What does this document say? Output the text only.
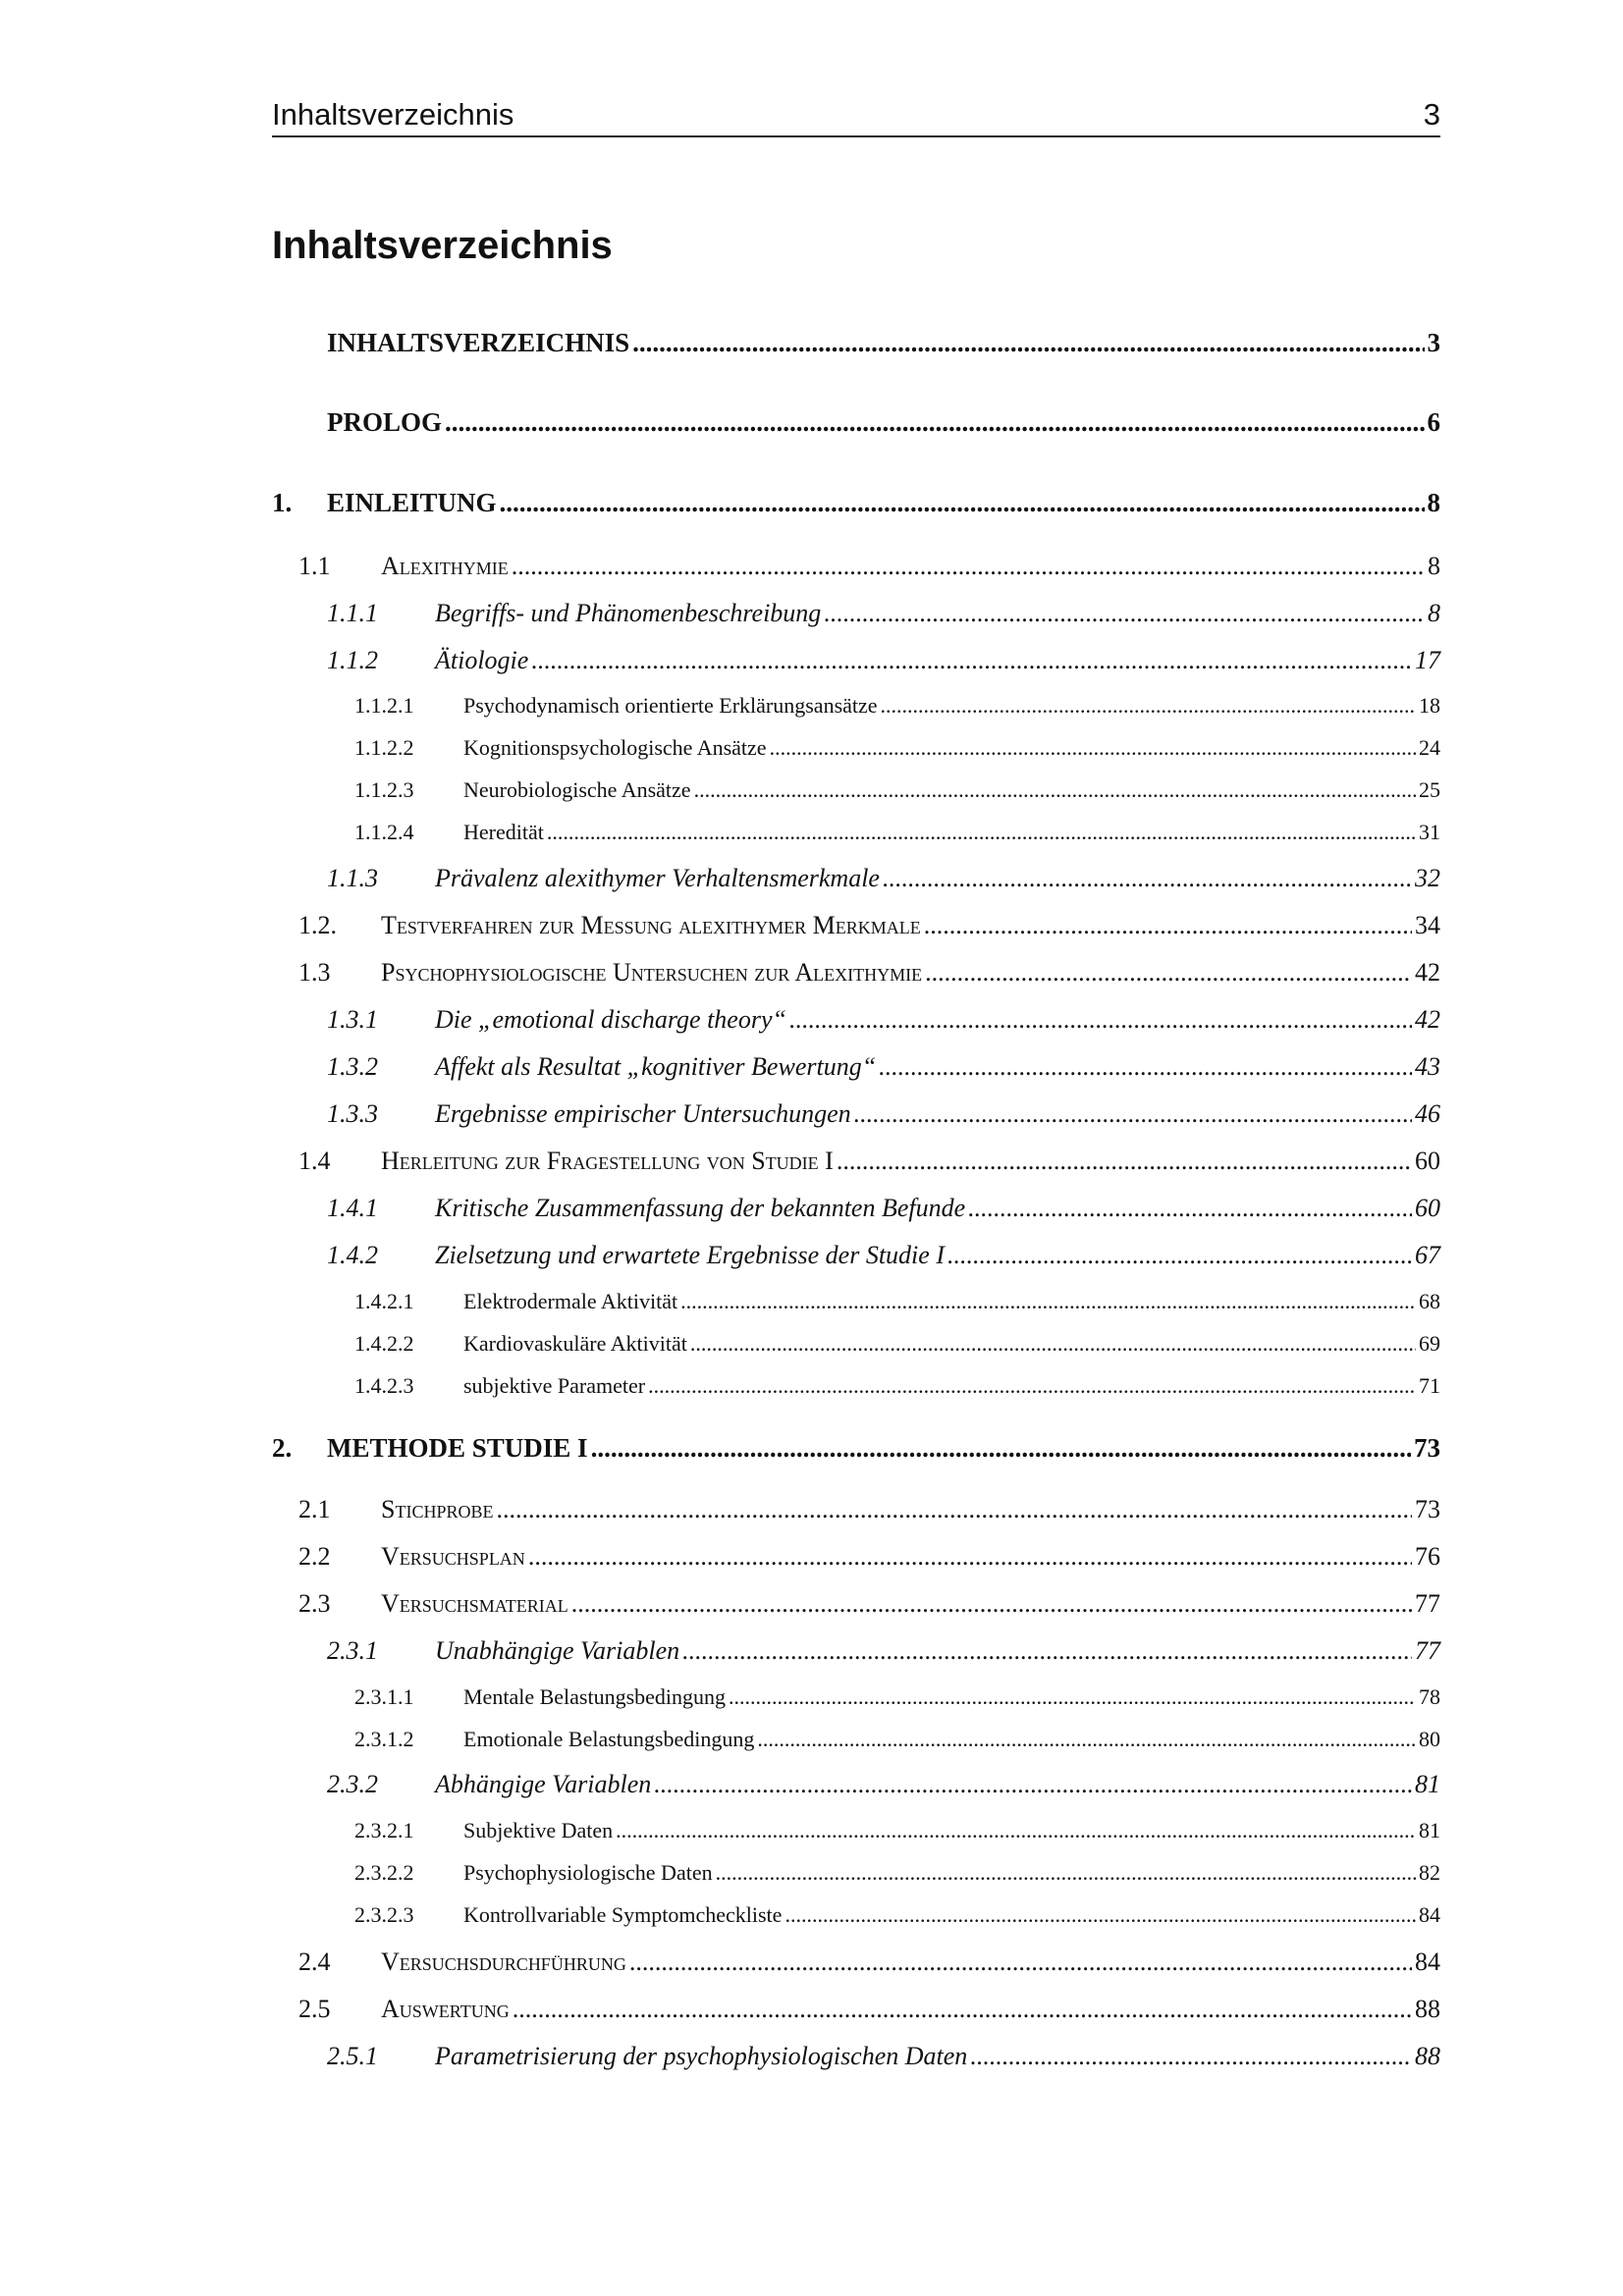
Inhaltsverzeichnis	3
Inhaltsverzeichnis
INHALTSVERZEICHNIS .....	3
PROLOG .....	6
1.	EINLEITUNG .....	8
1.1	Alexithymie .....	8
1.1.1	Begriffs- und Phänomenbeschreibung .....	8
1.1.2	Ätiologie .....	17
1.1.2.1	Psychodynamisch orientierte Erklärungsansätze .....	18
1.1.2.2	Kognitionspsychologische Ansätze .....	24
1.1.2.3	Neurobiologische Ansätze .....	25
1.1.2.4	Heredität .....	31
1.1.3	Prävalenz alexithymer Verhaltensmerkmale .....	32
1.2.	Testverfahren zur Messung alexithymer Merkmale .....	34
1.3	Psychophysiologische Untersuchen zur Alexithymie .....	42
1.3.1	Die „emotional discharge theory“ .....	42
1.3.2	Affekt als Resultat „kognitiver Bewertung“ .....	43
1.3.3	Ergebnisse empirischer Untersuchungen .....	46
1.4	Herleitung zur Fragestellung von Studie I .....	60
1.4.1	Kritische Zusammenfassung der bekannten Befunde .....	60
1.4.2	Zielsetzung und erwartete Ergebnisse der Studie I .....	67
1.4.2.1	Elektrodermale Aktivität .....	68
1.4.2.2	Kardiovaskuläre Aktivität .....	69
1.4.2.3	subjektive Parameter .....	71
2.	METHODE STUDIE I .....	73
2.1	Stichprobe .....	73
2.2	Versuchsplan .....	76
2.3	Versuchsmaterial .....	77
2.3.1	Unabhängige Variablen .....	77
2.3.1.1	Mentale Belastungsbedingung .....	78
2.3.1.2	Emotionale Belastungsbedingung .....	80
2.3.2	Abhängige Variablen .....	81
2.3.2.1	Subjektive Daten .....	81
2.3.2.2	Psychophysiologische Daten .....	82
2.3.2.3	Kontrollvariable Symptomcheckliste .....	84
2.4	Versuchsdurchführung .....	84
2.5	Auswertung .....	88
2.5.1	Parametrisierung der psychophysiologischen Daten .....	88
